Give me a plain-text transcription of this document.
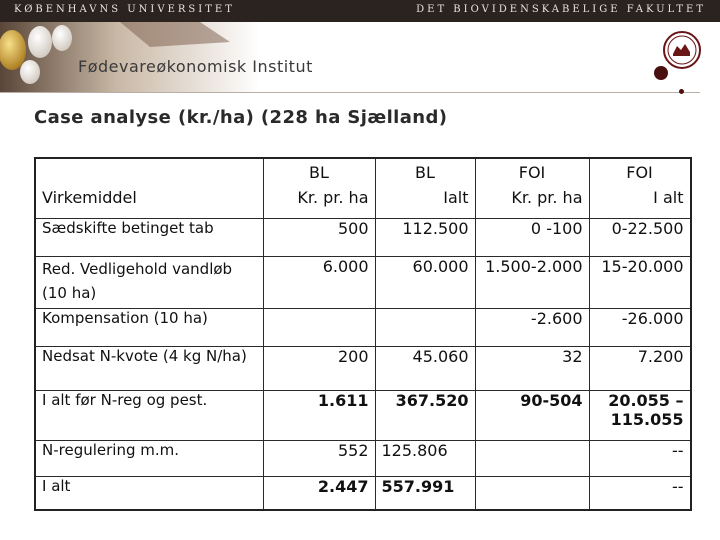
KØBENHAVNS UNIVERSITET	DET BIOVIDENSKABELIGE FAKULTET
Fødevareøkonomisk Institut
Case analyse (kr./ha) (228 ha Sjælland)
	BL	BL	FOI	FOI
Virkemiddel	Kr. pr. ha	Ialt	Kr. pr. ha	I alt
Sædskifte betinget tab	500	112.500	0 -100	0-22.500
Red. Vedligehold vandløb (10 ha)	6.000	60.000	1.500-2.000	15-20.000
Kompensation (10 ha)			-2.600	-26.000
Nedsat N-kvote (4 kg N/ha)	200	45.060	32	7.200
I alt før N-reg og pest.	1.611	367.520	90-504	20.055 – 115.055
N-regulering m.m.	552	125.806		--
I alt	2.447	557.991		--
